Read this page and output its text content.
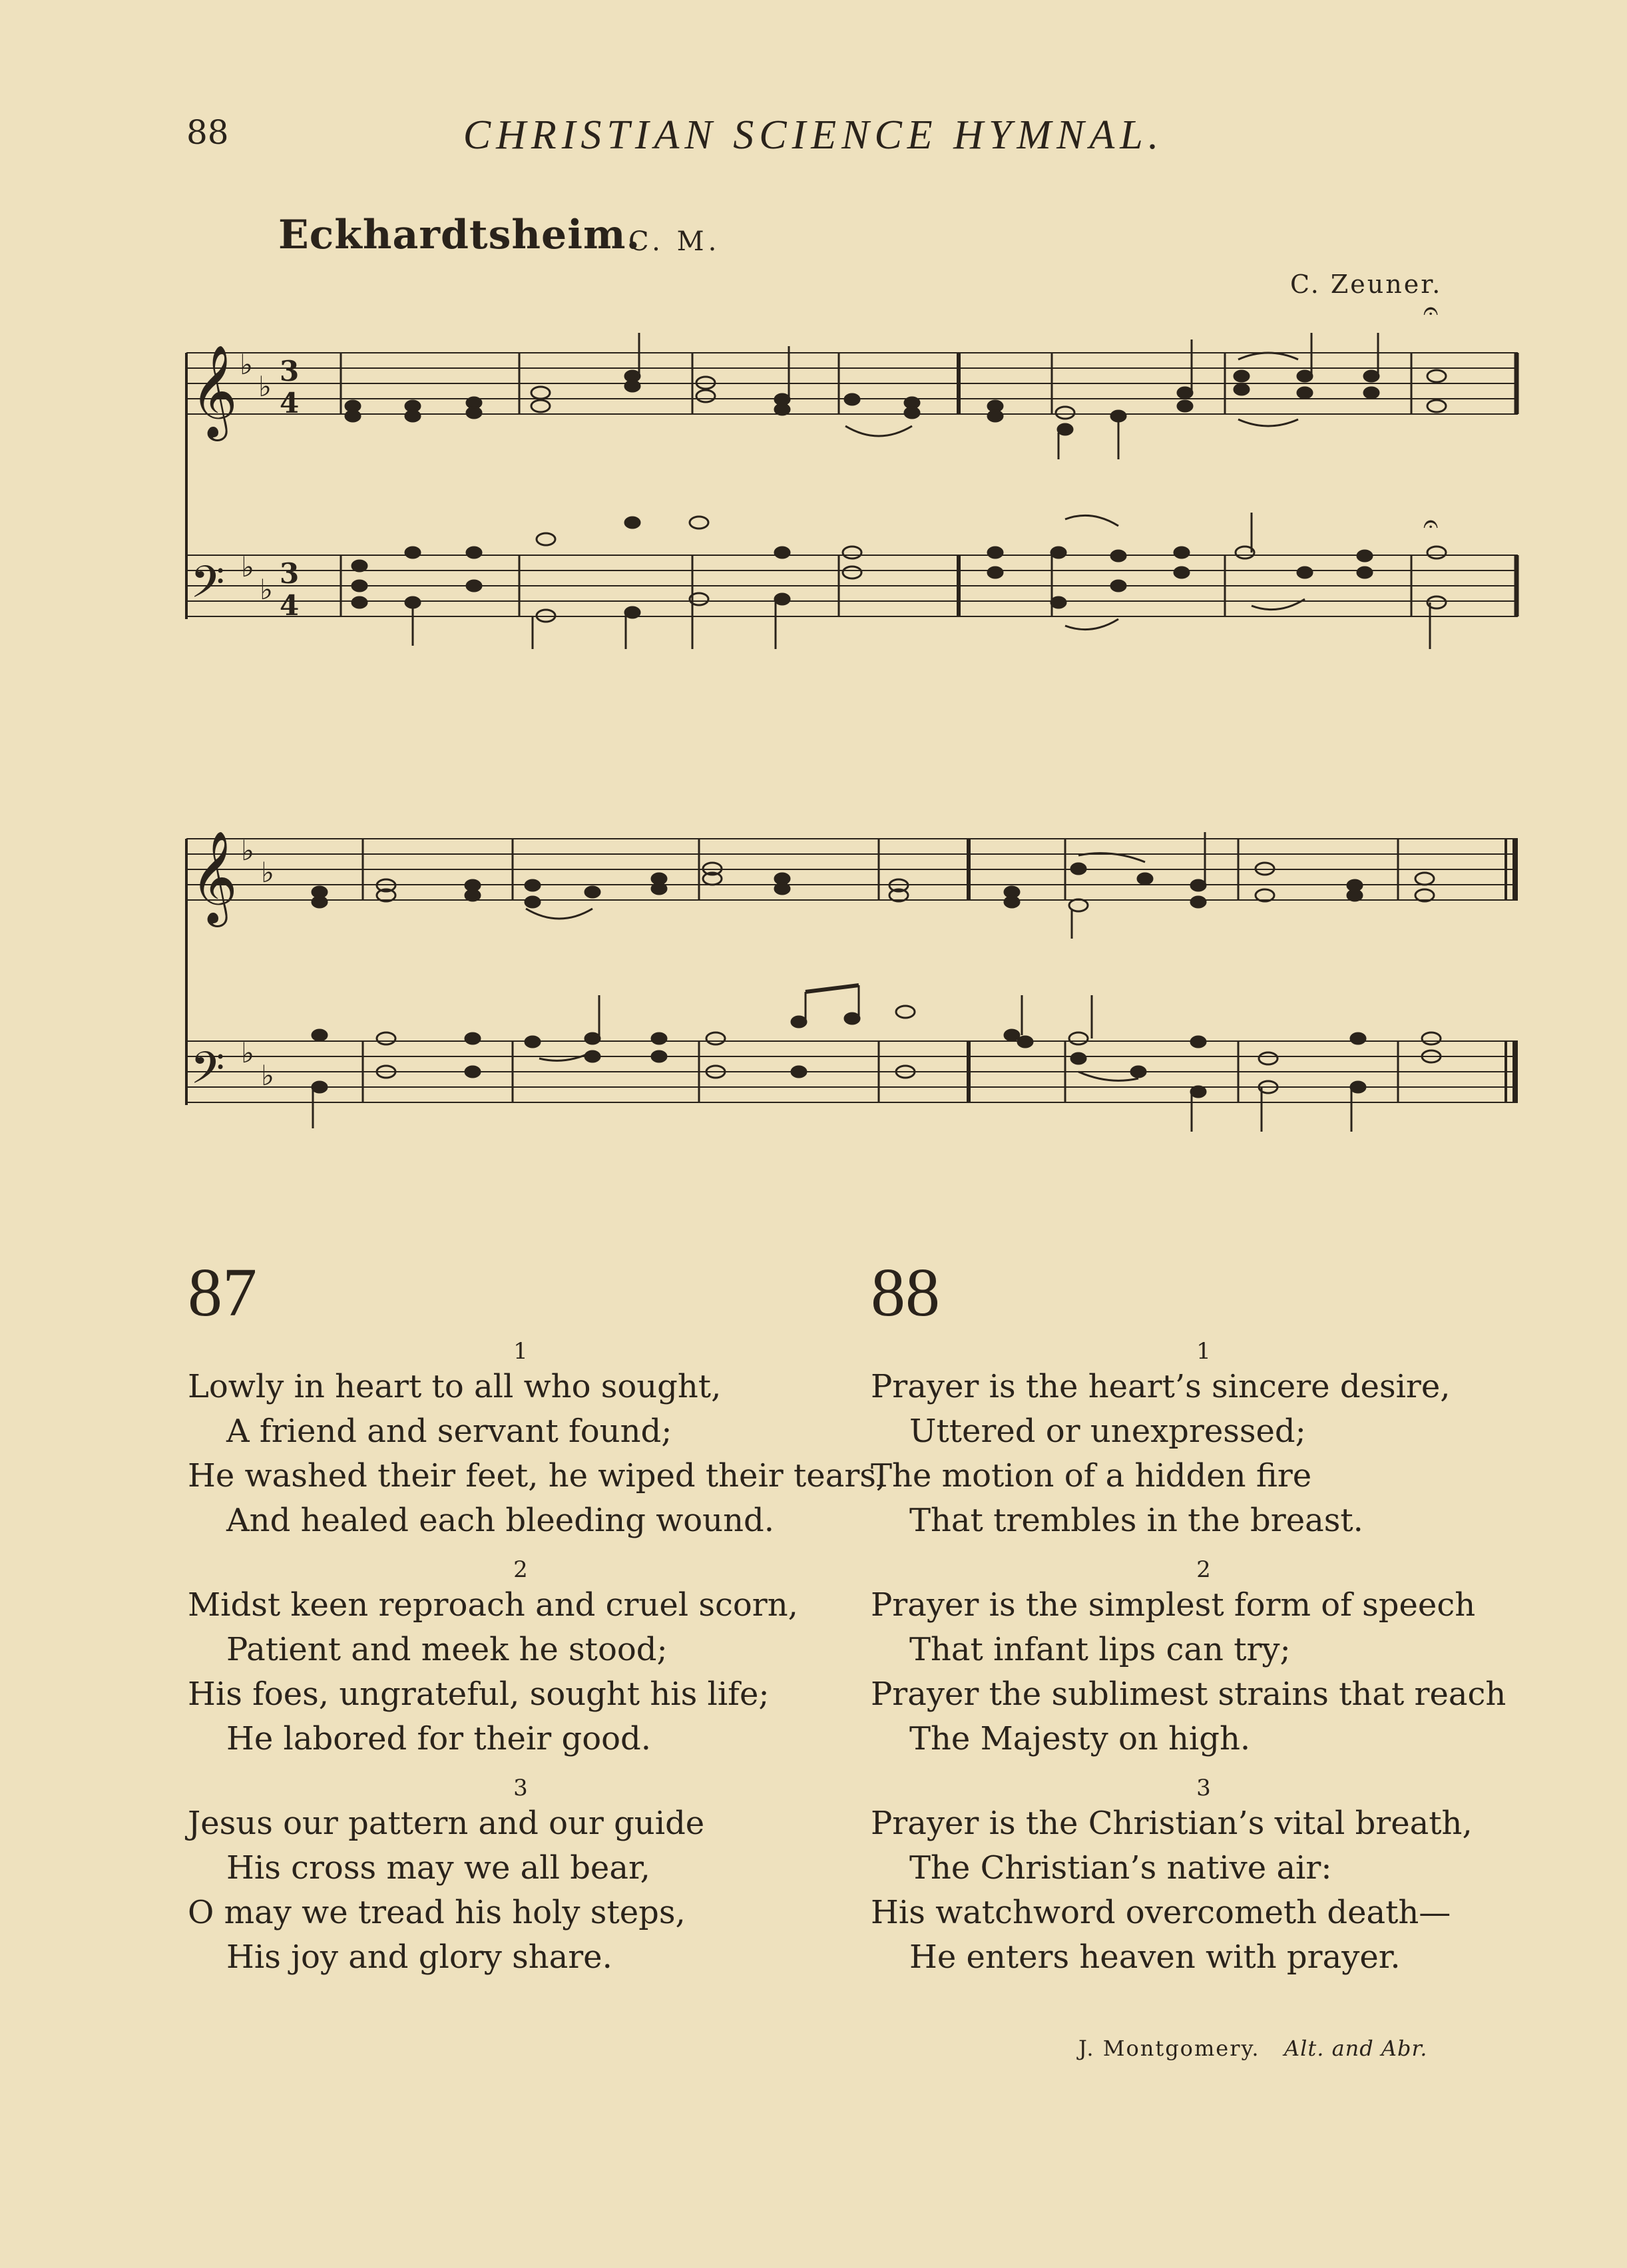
88	CHRISTIAN SCIENCE HYMNAL.
Eckhardtsheim.
C. M.
C. Zeuner.
𝄞
𝄢
♭
♭ 3
4
♭
♭ 3
4
𝄐
𝄐
𝄞
𝄢
♭
♭
♭
♭
87
1
Lowly in heart to all who sought,
A friend and servant found;
He washed their feet, he wiped their tears,
And healed each bleeding wound.
2
Midst keen reproach and cruel scorn,
Patient and meek he stood;
His foes, ungrateful, sought his life;
He labored for their good.
3
Jesus our pattern and our guide
His cross may we all bear,
O may we tread his holy steps,
His joy and glory share.
88
1
Prayer is the heart’s sincere desire,
Uttered or unexpressed;
The motion of a hidden fire
That trembles in the breast.
2
Prayer is the simplest form of speech
That infant lips can try;
Prayer the sublimest strains that reach
The Majesty on high.
3
Prayer is the Christian’s vital breath,
The Christian’s native air:
His watchword overcometh death—
He enters heaven with prayer.
J. Montgomery. Alt. and Abr.
